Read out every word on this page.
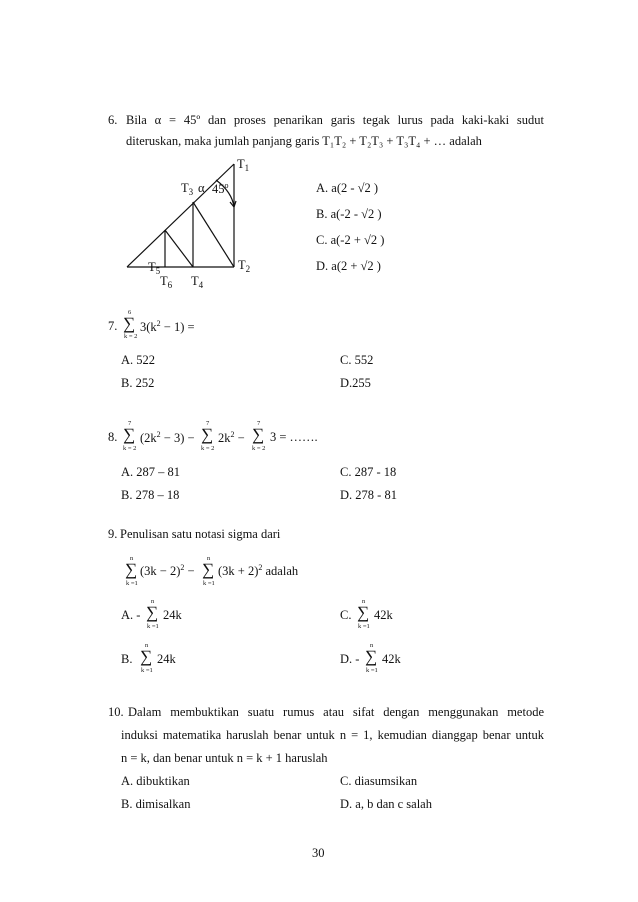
6. Bila α = 45º dan proses penarikan garis tegak lurus pada kaki-kaki sudut
diteruskan, maka jumlah panjang garis T₁T₂ + T₂T₃ + T₃T₄ + … adalah
$T_1$
$T_3$ α 45$^o$
$T_5$	$T_2$
$T_6$ $T_4$
A. a(2 - √2 )
B. a(-2 - √2 )
C. a(-2 + √2 )
D. a(2 + √2 )
7.
6
∑
k = 2
$3(k^2 - 1)$ =
A. 522	C. 552
B. 252	D.255
8.
7
∑
k = 2
$(2k^2 - 3)$ −
7
∑
k = 2
$2k^2$ −
7
∑
k = 2
3 = …….
A. 287 – 81	C. 287 - 18
B. 278 – 18	D. 278 - 81
9. Penulisan satu notasi sigma dari
n
∑
k =1
$(3k - 2)^2$ −
n
∑
k =1
$(3k + 2)^2$ adalah
A. -
n
∑
k =1
24k	C.
n
∑
k =1
42k
B.
n
∑
k =1
24k	D. -
n
∑
k =1
42k
10. Dalam membuktikan suatu rumus atau sifat dengan menggunakan metode
induksi matematika haruslah benar untuk n = 1, kemudian dianggap benar untuk
n = k, dan benar untuk n = k + 1 haruslah
A. dibuktikan	C. diasumsikan
B. dimisalkan	D. a, b dan c salah
30
